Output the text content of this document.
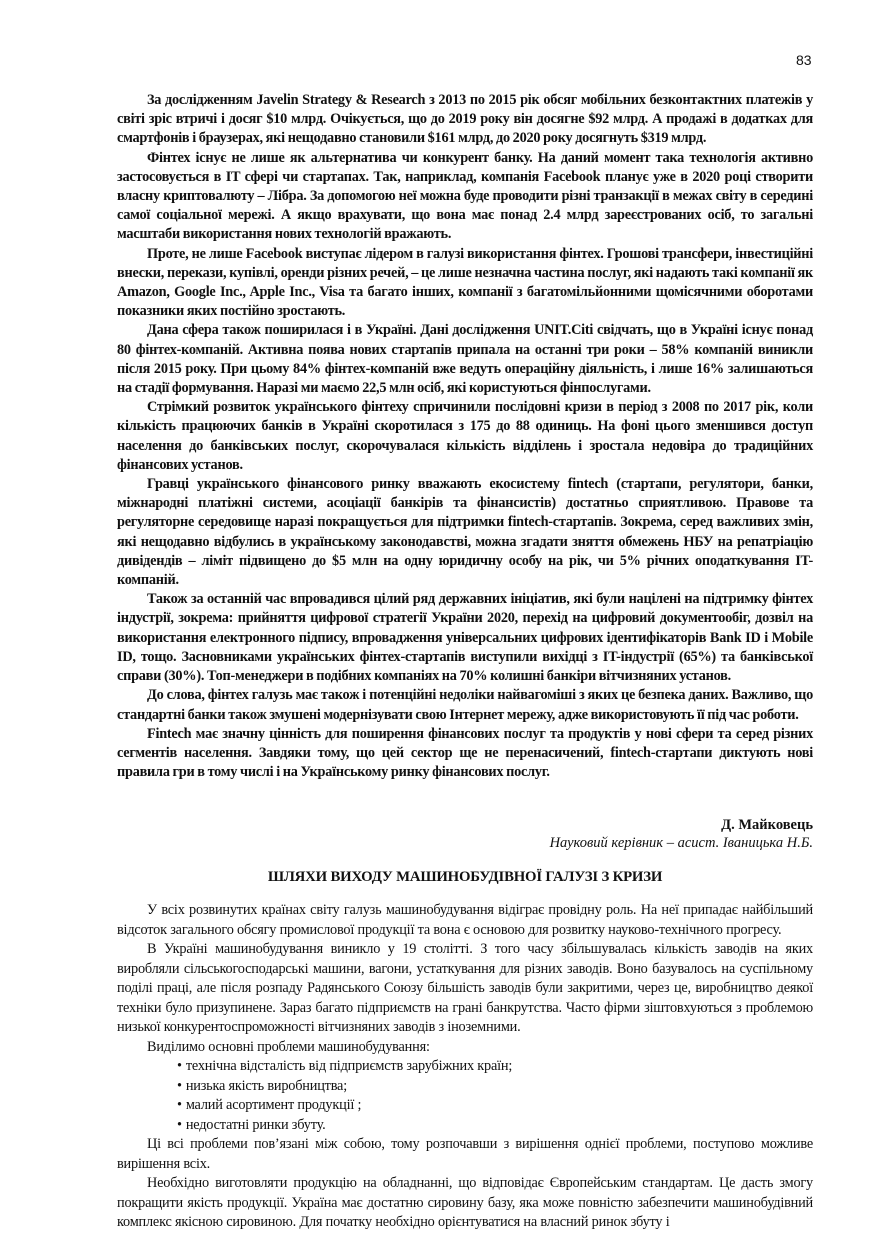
83

За дослідженням Javelin Strategy & Research з 2013 по 2015 рік обсяг мобільних безконтактних платежів у світі зріс втричі і досяг $10 млрд. Очікується, що до 2019 року він досягне $92 млрд. А продажі в додатках для смартфонів і браузерах, які нещодавно становили $161 млрд, до 2020 року досягнуть $319 млрд.

Фінтех існує не лише як альтернатива чи конкурент банку. На даний момент така технологія активно застосовується в IT сфері чи стартапах. Так, наприклад, компанія Facebook планує уже в 2020 році створити власну криптовалюту – Лібра. За допомогою неї можна буде проводити різні транзакції в межах світу в середині самої соціальної мережі. А якщо врахувати, що вона має понад 2.4 млрд зареєстрованих осіб, то загальні масштаби використання нових технологій вражають.

Проте, не лише Facebook виступає лідером в галузі використання фінтех. Грошові трансфери, інвестиційні внески, перекази, купівлі, оренди різних речей, – це лише незначна частина послуг, які надають такі компанії як Amazon, Google Inc., Apple Inc., Visa та багато інших, компанії з багатомільйонними щомісячними оборотами показники яких постійно зростають.

Дана сфера також поширилася і в Україні. Дані дослідження UNIT.Citi свідчать, що в Україні існує понад 80 фінтех-компаній. Активна поява нових стартапів припала на останні три роки – 58% компаній виникли після 2015 року. При цьому 84% фінтех-компаній вже ведуть операційну діяльність, і лише 16% залишаються на стадії формування. Наразі ми маємо 22,5 млн осіб, які користуються фінпослугами.

Стрімкий розвиток українського фінтеху спричинили послідовні кризи в період з 2008 по 2017 рік, коли кількість працюючих банків в Україні скоротилася з 175 до 88 одиниць. На фоні цього зменшився доступ населення до банківських послуг, скорочувалася кількість відділень і зростала недовіра до традиційних фінансових установ.

Гравці українського фінансового ринку вважають екосистему fintech (стартапи, регулятори, банки, міжнародні платіжні системи, асоціації банкірів та фінансистів) достатньо сприятливою. Правове та регуляторне середовище наразі покращується для підтримки fintech-стартапів. Зокрема, серед важливих змін, які нещодавно відбулись в українському законодавстві, можна згадати зняття обмежень НБУ на репатріацію дивідендів – ліміт підвищено до $5 млн на одну юридичну особу на рік, чи 5% річних оподаткування IT-компаній.

Також за останній час впровадився цілий ряд державних ініціатив, які були націлені на підтримку фінтех індустрії, зокрема: прийняття цифрової стратегії України 2020, перехід на цифровий документообіг, дозвіл на використання електронного підпису, впровадження універсальних цифрових ідентифікаторів Bank ID і Mobile ID, тощо. Засновниками українських фінтех-стартапів виступили вихідці з IT-індустрії (65%) та банківської справи (30%). Топ-менеджери в подібних компаніях на 70% колишні банкіри вітчизняних установ.

До слова, фінтех галузь має також і потенційні недоліки найвагоміші з яких це безпека даних. Важливо, що стандартні банки також змушені модернізувати свою Інтернет мережу, адже використовують її під час роботи.

Fintech має значну цінність для поширення фінансових послуг та продуктів у нові сфери та серед різних сегментів населення. Завдяки тому, що цей сектор ще не перенасичений, fintech-стартапи диктують нові правила гри в тому числі і на Українському ринку фінансових послуг.

Д. Майковець
Науковий керівник – асист. Іваницька Н.Б.
ШЛЯХИ ВИХОДУ МАШИНОБУДІВНОЇ ГАЛУЗІ З КРИЗИ

У всіх розвинутих країнах світу галузь машинобудування відіграє провідну роль. На неї припадає найбільший відсоток загального обсягу промислової продукції та вона є основою для розвитку науково-технічного прогресу.

В Україні машинобудування виникло у 19 столітті. З того часу збільшувалась кількість заводів на яких виробляли сільськогосподарські машини, вагони, устаткування для різних заводів. Воно базувалось на суспільному поділі праці, але після розпаду Радянського Союзу більшість заводів були закритими, через це, виробництво деякої техніки було призупинене. Зараз багато підприємств на грані банкрутства. Часто фірми зіштовхуються з проблемою низької конкурентоспроможності вітчизняних заводів з іноземними.

Виділимо основні проблеми машинобудування:

• технічна відсталість від підприємств зарубіжних країн;

• низька якість виробництва;

• малий асортимент продукції ;

• недостатні ринки збуту.

Ці всі проблеми пов’язані між собою, тому розпочавши з вирішення однієї проблеми, поступово можливе вирішення всіх.

Необхідно виготовляти продукцію на обладнанні, що відповідає Європейським стандартам. Це дасть змогу покращити якість продукції. Україна має достатню сировину базу, яка може повністю забезпечити машинобудівний комплекс якісною сировиною. Для початку необхідно орієнтуватися на власний ринок збуту і
